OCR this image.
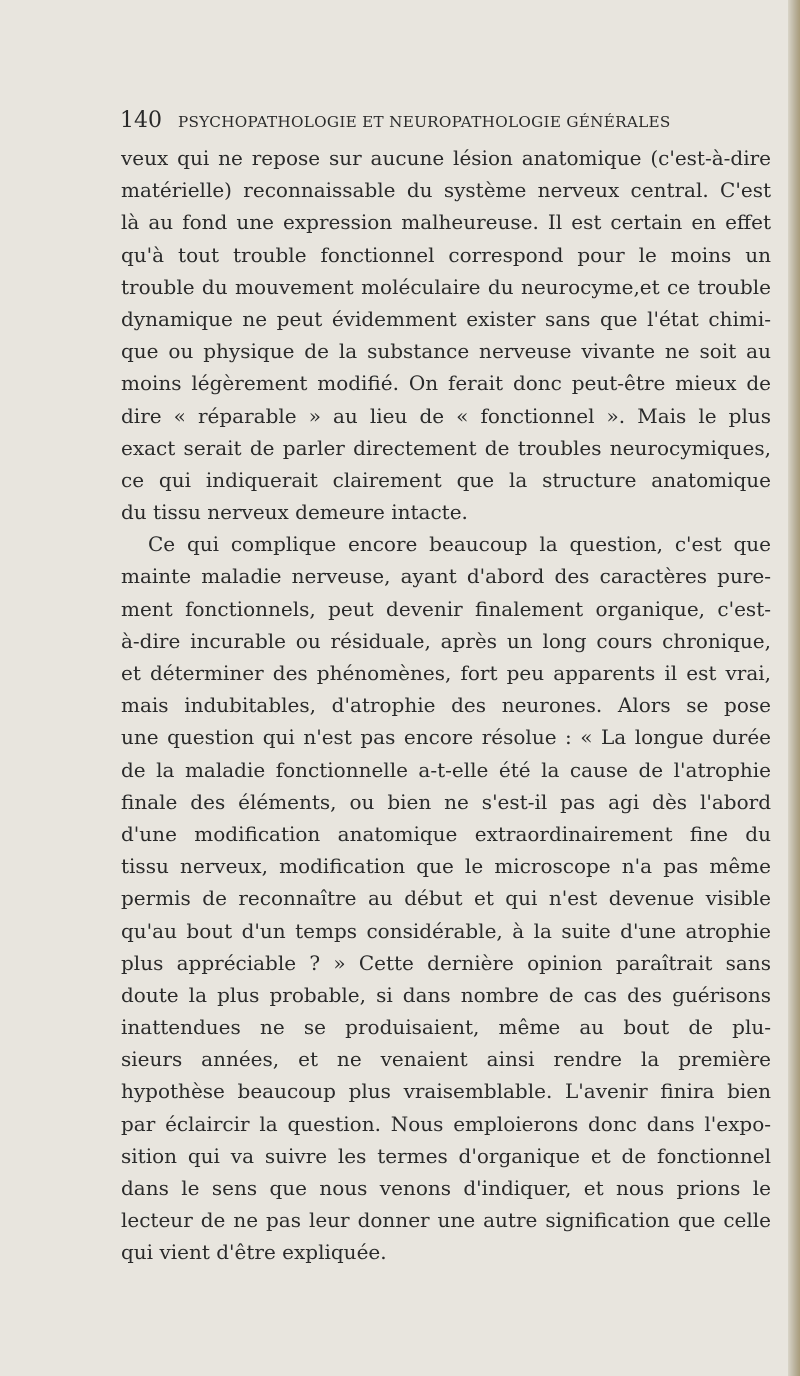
140 PSYCHOPATHOLOGIE ET NEUROPATHOLOGIE GÉNÉRALES
veux qui ne repose sur aucune lésion anatomique (c'est-à-dire
matérielle) reconnaissable du système nerveux central. C'est
là au fond une expression malheureuse. Il est certain en effet
qu'à tout trouble fonctionnel correspond pour le moins un
trouble du mouvement moléculaire du neurocyme,et ce trouble
dynamique ne peut évidemment exister sans que l'état chimi-
que ou physique de la substance nerveuse vivante ne soit au
moins légèrement modifié. On ferait donc peut-être mieux de
dire « réparable » au lieu de « fonctionnel ». Mais le plus
exact serait de parler directement de troubles neurocymiques,
ce qui indiquerait clairement que la structure anatomique
du tissu nerveux demeure intacte.
Ce qui complique encore beaucoup la question, c'est que
mainte maladie nerveuse, ayant d'abord des caractères pure-
ment fonctionnels, peut devenir finalement organique, c'est-
à-dire incurable ou résiduale, après un long cours chronique,
et déterminer des phénomènes, fort peu apparents il est vrai,
mais indubitables, d'atrophie des neurones. Alors se pose
une question qui n'est pas encore résolue : « La longue durée
de la maladie fonctionnelle a-t-elle été la cause de l'atrophie
finale des éléments, ou bien ne s'est-il pas agi dès l'abord
d'une modification anatomique extraordinairement fine du
tissu nerveux, modification que le microscope n'a pas même
permis de reconnaître au début et qui n'est devenue visible
qu'au bout d'un temps considérable, à la suite d'une atrophie
plus appréciable ? » Cette dernière opinion paraîtrait sans
doute la plus probable, si dans nombre de cas des guérisons
inattendues ne se produisaient, même au bout de plu-
sieurs années, et ne venaient ainsi rendre la première
hypothèse beaucoup plus vraisemblable. L'avenir finira bien
par éclaircir la question. Nous emploierons donc dans l'expo-
sition qui va suivre les termes d'organique et de fonctionnel
dans le sens que nous venons d'indiquer, et nous prions le
lecteur de ne pas leur donner une autre signification que celle
qui vient d'être expliquée.
